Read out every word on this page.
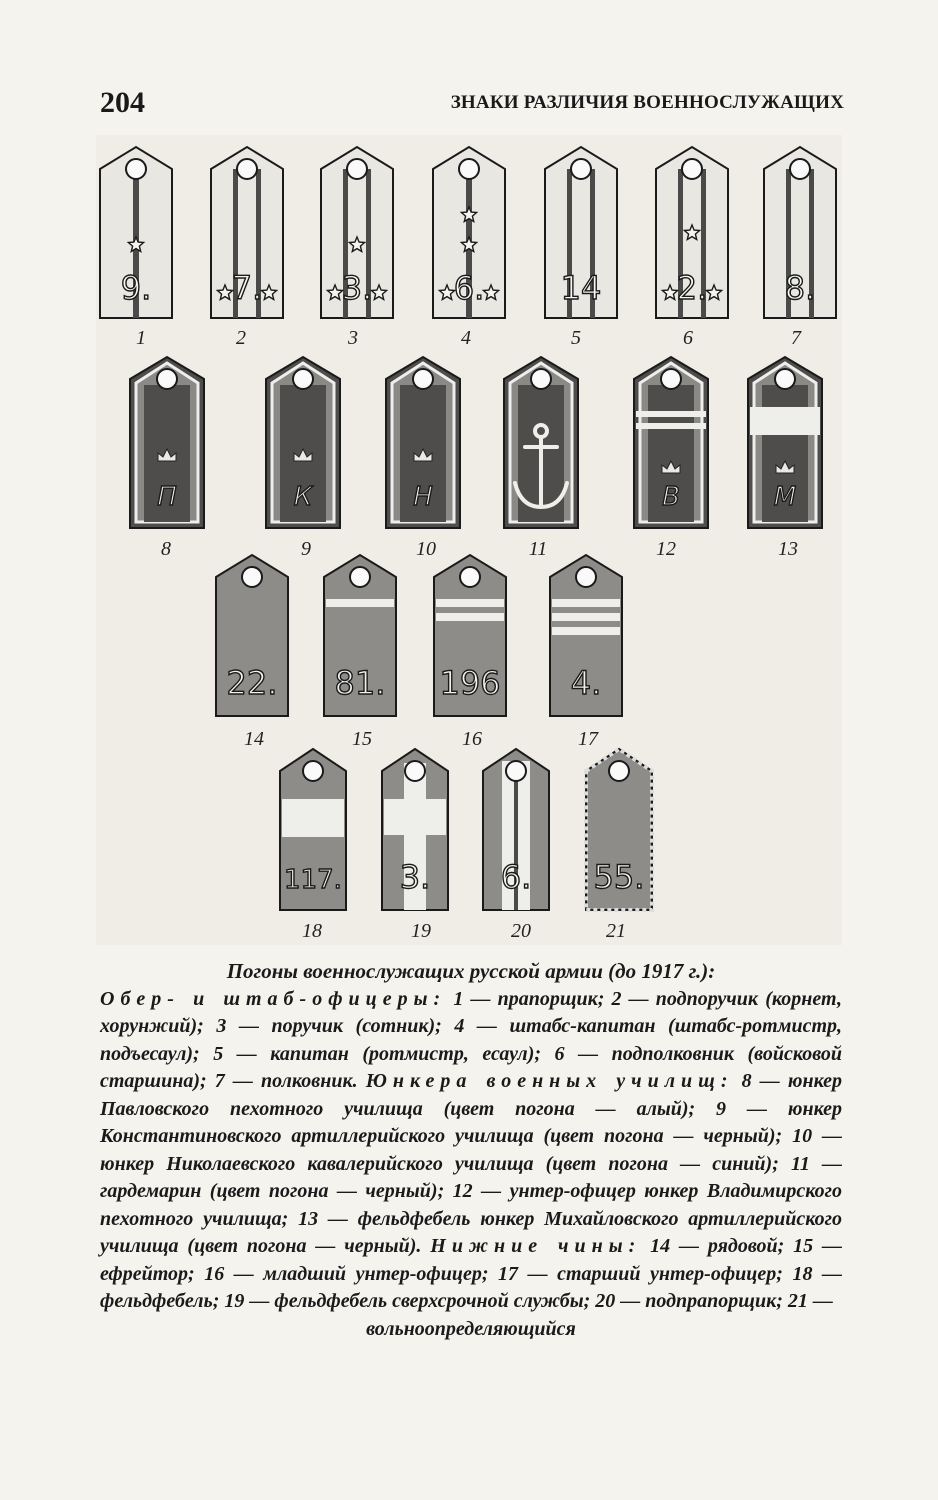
204	ЗНАКИ РАЗЛИЧИЯ ВОЕННОСЛУЖАЩИХ
9.
1
7.
2
3.
3
6.
4
14
5
2.
6
8.
7
П
8
К
9
Н
10	11
В
12
М
13
22.
14
81.
15
196
16
4.
17
117.
18
3.
19
6.
20
55.
21
Погоны военнослужащих русской армии (до 1917 г.):

Обер- и штаб-офицеры: 1 — прапорщик; 2 — подпоручик (корнет, хорунжий); 3 — поручик (сотник); 4 — штабс-капитан (штабс-ротмистр, подъесаул); 5 — капитан (ротмистр, есаул); 6 — подполковник (войсковой старшина); 7 — полковник. Юнкера военных училищ: 8 — юнкер Павловского пехотного училища (цвет погона — алый); 9 — юнкер Константиновского артиллерийского училища (цвет погона — черный); 10 — юнкер Николаевского кавалерийского училища (цвет погона — синий); 11 — гардемарин (цвет погона — черный); 12 — унтер-офицер юнкер Владимирского пехотного училища; 13 — фельдфебель юнкер Михайловского артиллерийского училища (цвет погона — черный). Нижние чины: 14 — рядовой; 15 — ефрейтор; 16 — младший унтер-офицер; 17 — старший унтер-офицер; 18 — фельдфебель; 19 — фельдфебель сверхсрочной службы; 20 — подпрапорщик; 21 —

вольноопределяющийся
